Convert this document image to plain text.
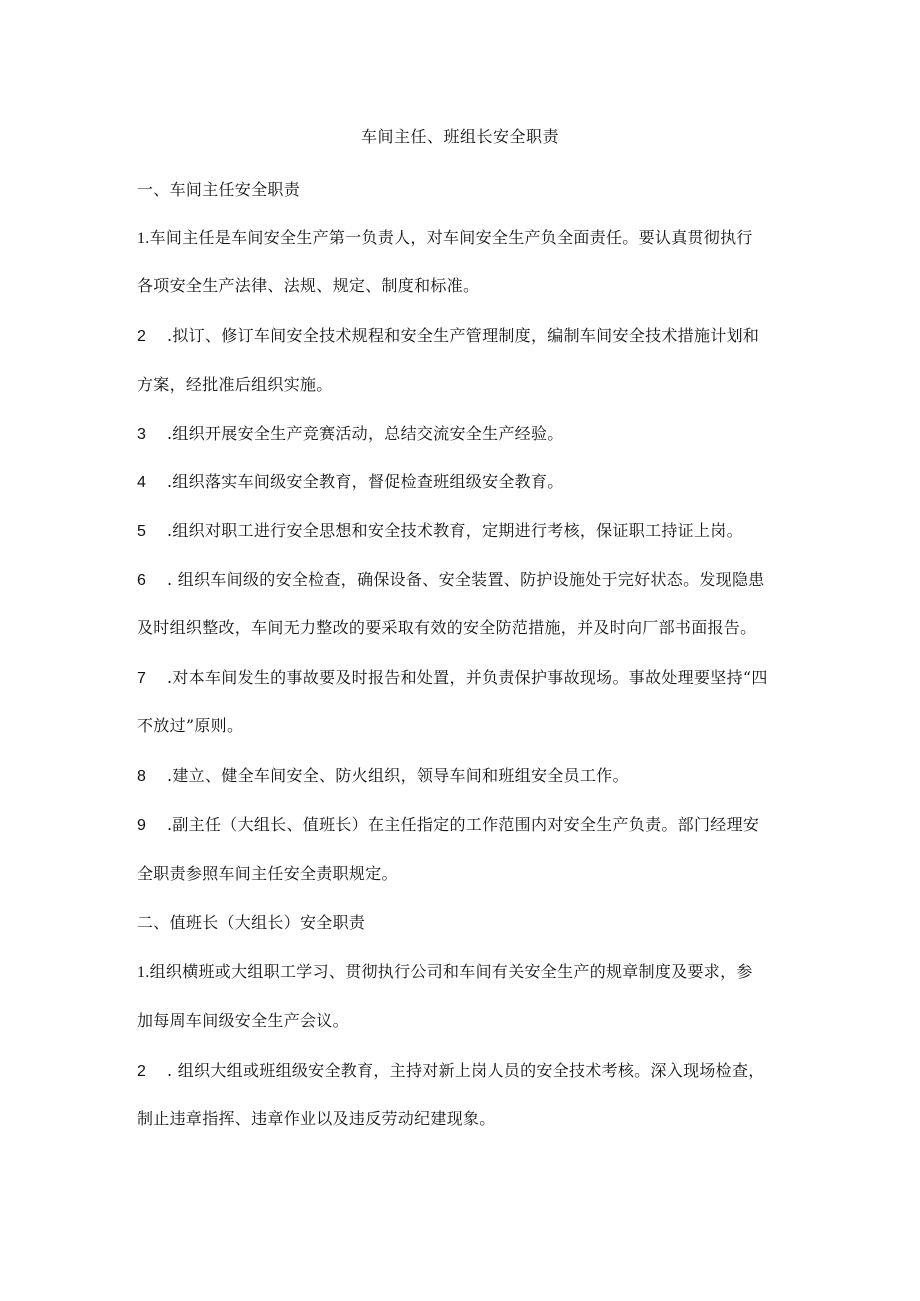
车间主任、班组长安全职责
一、车间主任安全职责
1.车间主任是车间安全生产第一负责人，对车间安全生产负全面责任。要认真贯彻执行
各项安全生产法律、法规、规定、制度和标准。
2 .拟订、修订车间安全技术规程和安全生产管理制度，编制车间安全技术措施计划和
方案，经批准后组织实施。
3 .组织开展安全生产竞赛活动，总结交流安全生产经验。
4 .组织落实车间级安全教育，督促检查班组级安全教育。
5 .组织对职工进行安全思想和安全技术教育，定期进行考核，保证职工持证上岗。
6 . 组织车间级的安全检查，确保设备、安全装置、防护设施处于完好状态。发现隐患
及时组织整改，车间无力整改的要采取有效的安全防范措施，并及时向厂部书面报告。
7 .对本车间发生的事故要及时报告和处置，并负责保护事故现场。事故处理要坚持“四
不放过”原则。
8 .建立、健全车间安全、防火组织，领导车间和班组安全员工作。
9 .副主任（大组长、值班长）在主任指定的工作范围内对安全生产负责。部门经理安
全职责参照车间主任安全责职规定。
二、值班长（大组长）安全职责
1.组织横班或大组职工学习、贯彻执行公司和车间有关安全生产的规章制度及要求，参
加每周车间级安全生产会议。
2 . 组织大组或班组级安全教育，主持对新上岗人员的安全技术考核。深入现场检查，
制止违章指挥、违章作业以及违反劳动纪建现象。
